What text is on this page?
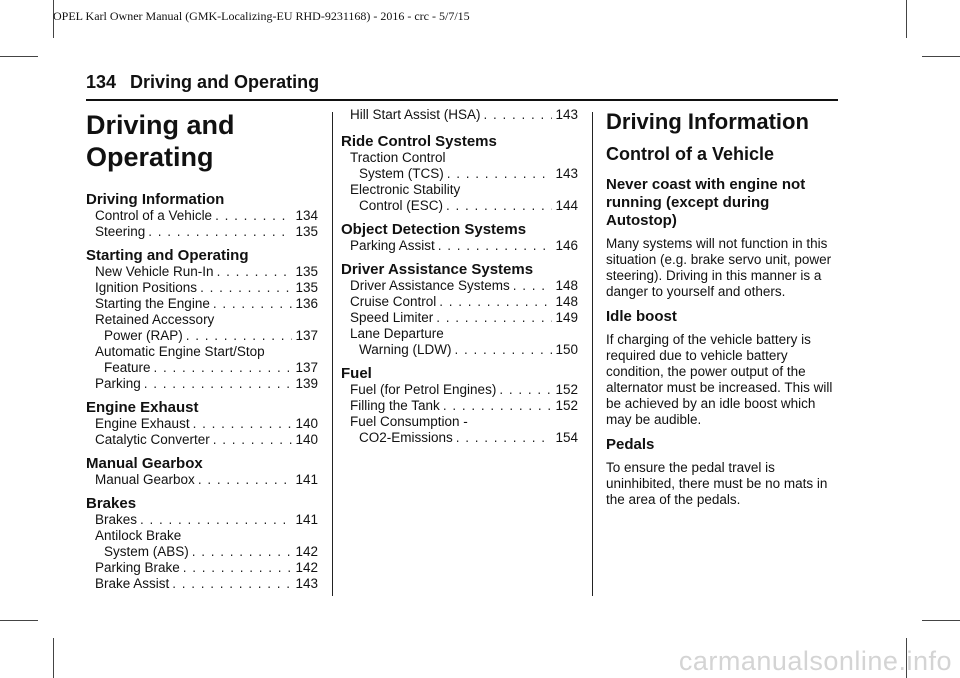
OPEL Karl Owner Manual (GMK-Localizing-EU RHD-9231168) - 2016 - crc - 5/7/15
134 Driving and Operating
Driving and Operating
Driving Information
Control of a Vehicle . . .	134
Steering . . .	135
Starting and Operating
New Vehicle Run-In . . .	135
Ignition Positions . . .	135
Starting the Engine . . .	136
Retained Accessory
Power (RAP) . . .	137
Automatic Engine Start/Stop
Feature . . .	137
Parking . . .	139
Engine Exhaust
Engine Exhaust . . .	140
Catalytic Converter . . .	140
Manual Gearbox
Manual Gearbox . . .	141
Brakes
Brakes . . .	141
Antilock Brake
System (ABS) . . .	142
Parking Brake . . .	142
Brake Assist . . .	143
Hill Start Assist (HSA) . . .	143
Ride Control Systems
Traction Control
System (TCS) . . .	143
Electronic Stability
Control (ESC) . . .	144
Object Detection Systems
Parking Assist . . .	146
Driver Assistance Systems
Driver Assistance Systems . . .	148
Cruise Control . . .	148
Speed Limiter . . .	149
Lane Departure
Warning (LDW) . . .	150
Fuel
Fuel (for Petrol Engines) . . .	152
Filling the Tank . . .	152
Fuel Consumption -
CO2-Emissions . . .	154
Driving Information
Control of a Vehicle
Never coast with engine not running (except during Autostop)

Many systems will not function in this situation (e.g. brake servo unit, power steering). Driving in this manner is a danger to yourself and others.

Idle boost

If charging of the vehicle battery is required due to vehicle battery condition, the power output of the alternator must be increased. This will be achieved by an idle boost which may be audible.

Pedals

To ensure the pedal travel is uninhibited, there must be no mats in the area of the pedals.

carmanualsonline.info
